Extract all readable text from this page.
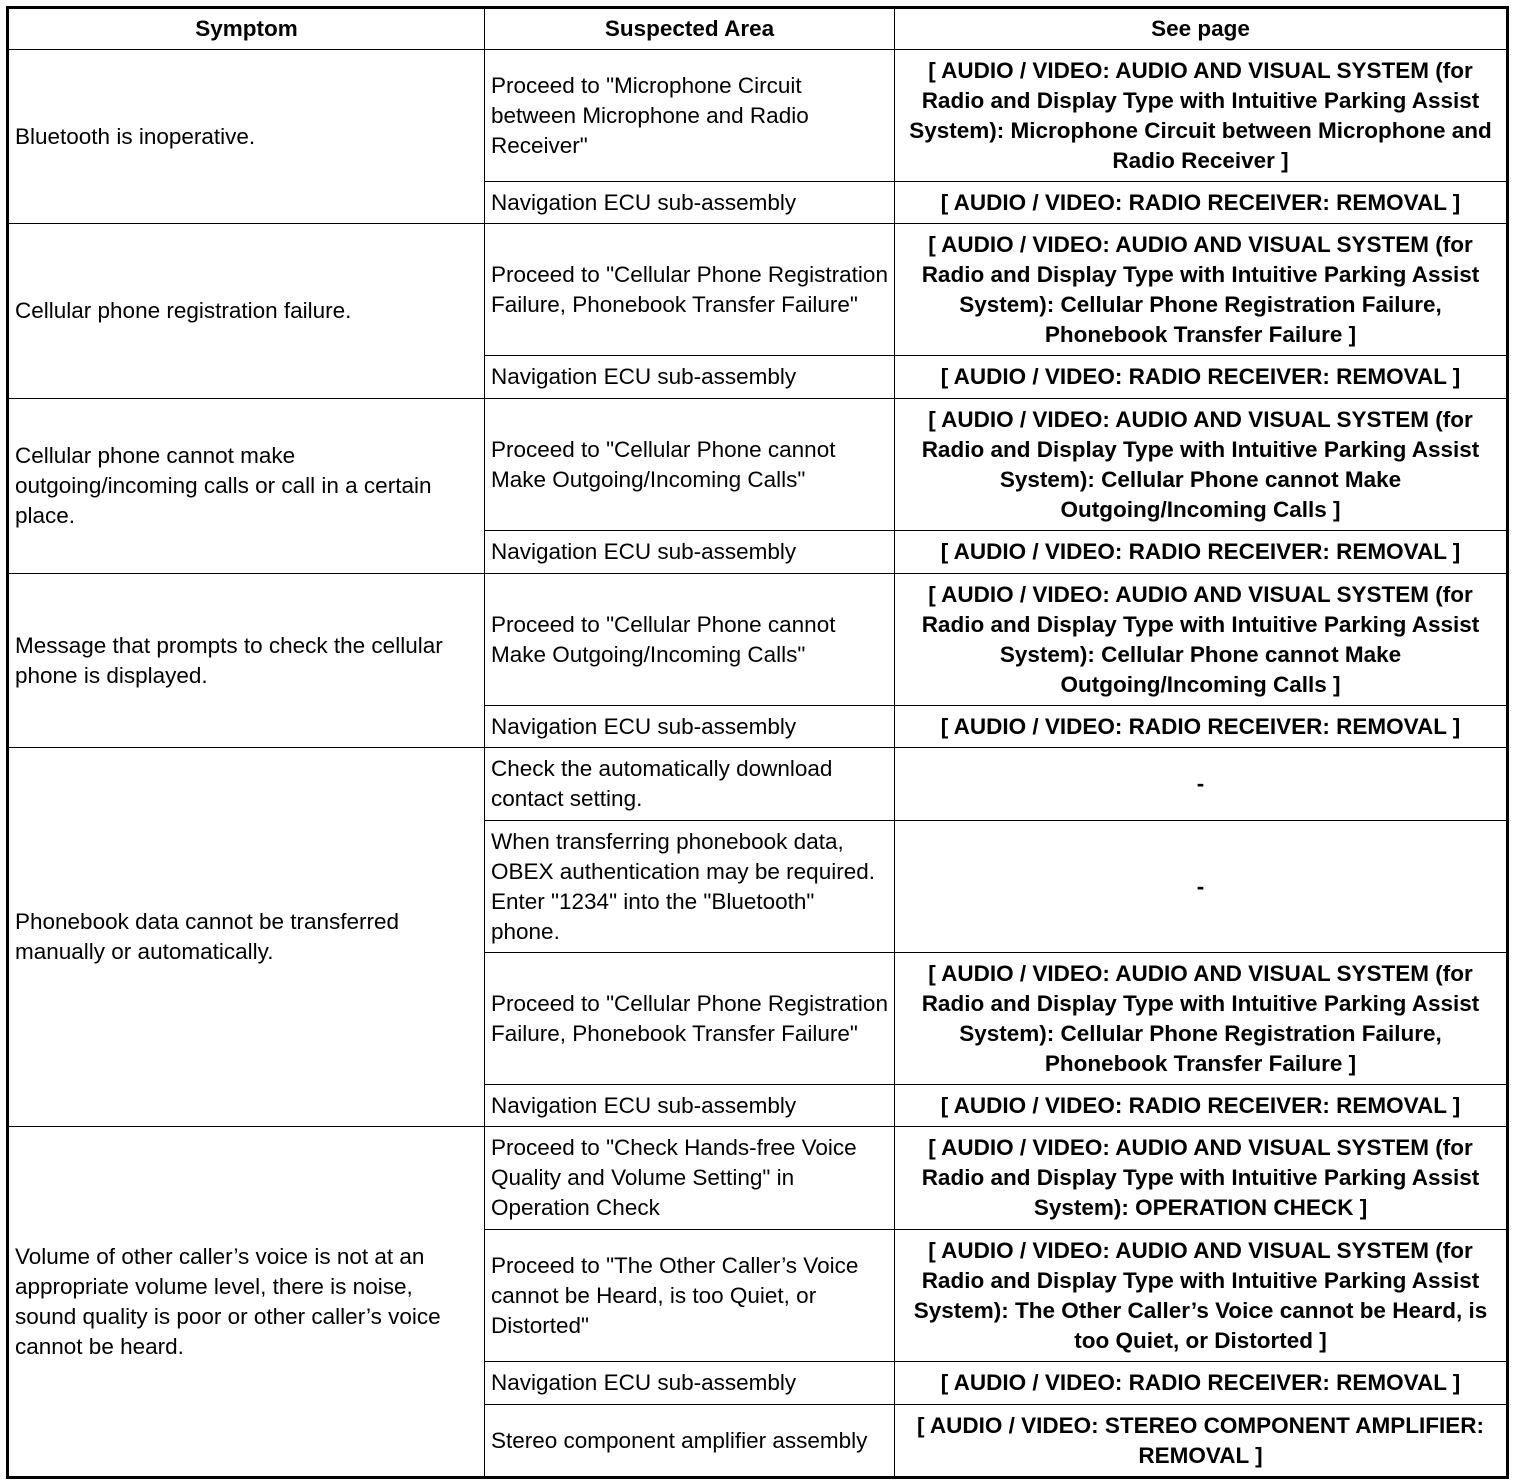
Symptom	Suspected Area	See page
Bluetooth is inoperative.	Proceed to "Microphone Circuit between Microphone and Radio Receiver"	[ AUDIO / VIDEO: AUDIO AND VISUAL SYSTEM (for Radio and Display Type with Intuitive Parking Assist System): Microphone Circuit between Microphone and Radio Receiver ]
	Navigation ECU sub-assembly	[ AUDIO / VIDEO: RADIO RECEIVER: REMOVAL ]
Cellular phone registration failure.	Proceed to "Cellular Phone Registration Failure, Phonebook Transfer Failure"	[ AUDIO / VIDEO: AUDIO AND VISUAL SYSTEM (for Radio and Display Type with Intuitive Parking Assist System): Cellular Phone Registration Failure, Phonebook Transfer Failure ]
	Navigation ECU sub-assembly	[ AUDIO / VIDEO: RADIO RECEIVER: REMOVAL ]
Cellular phone cannot make outgoing/incoming calls or call in a certain place.	Proceed to "Cellular Phone cannot Make Outgoing/Incoming Calls"	[ AUDIO / VIDEO: AUDIO AND VISUAL SYSTEM (for Radio and Display Type with Intuitive Parking Assist System): Cellular Phone cannot Make Outgoing/Incoming Calls ]
	Navigation ECU sub-assembly	[ AUDIO / VIDEO: RADIO RECEIVER: REMOVAL ]
Message that prompts to check the cellular phone is displayed.	Proceed to "Cellular Phone cannot Make Outgoing/Incoming Calls"	[ AUDIO / VIDEO: AUDIO AND VISUAL SYSTEM (for Radio and Display Type with Intuitive Parking Assist System): Cellular Phone cannot Make Outgoing/Incoming Calls ]
	Navigation ECU sub-assembly	[ AUDIO / VIDEO: RADIO RECEIVER: REMOVAL ]
Phonebook data cannot be transferred manually or automatically.	Check the automatically download contact setting.	-
	When transferring phonebook data, OBEX authentication may be required. Enter "1234" into the "Bluetooth" phone.	-
	Proceed to "Cellular Phone Registration Failure, Phonebook Transfer Failure"	[ AUDIO / VIDEO: AUDIO AND VISUAL SYSTEM (for Radio and Display Type with Intuitive Parking Assist System): Cellular Phone Registration Failure, Phonebook Transfer Failure ]
	Navigation ECU sub-assembly	[ AUDIO / VIDEO: RADIO RECEIVER: REMOVAL ]
Volume of other caller’s voice is not at an appropriate volume level, there is noise, sound quality is poor or other caller’s voice cannot be heard.	Proceed to "Check Hands-free Voice Quality and Volume Setting" in Operation Check	[ AUDIO / VIDEO: AUDIO AND VISUAL SYSTEM (for Radio and Display Type with Intuitive Parking Assist System): OPERATION CHECK ]
	Proceed to "The Other Caller’s Voice cannot be Heard, is too Quiet, or Distorted"	[ AUDIO / VIDEO: AUDIO AND VISUAL SYSTEM (for Radio and Display Type with Intuitive Parking Assist System): The Other Caller’s Voice cannot be Heard, is too Quiet, or Distorted ]
	Navigation ECU sub-assembly	[ AUDIO / VIDEO: RADIO RECEIVER: REMOVAL ]
	Stereo component amplifier assembly	[ AUDIO / VIDEO: STEREO COMPONENT AMPLIFIER: REMOVAL ]
